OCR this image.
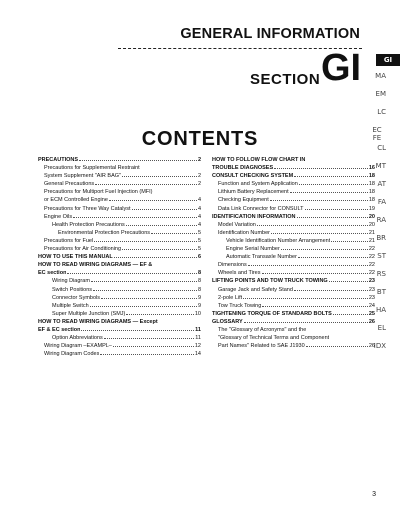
GENERAL INFORMATION
SECTION GI	GI
MA
EM
LC
EC FE
CL
MT
AT
FA
RA
BR
ST
RS
BT
HA
EL
IDX
CONTENTS
PRECAUTIONS	2
Precautions for Supplemental Restraint
System Supplement "AIR BAG"	2
General Precautions	2
Precautions for Multiport Fuel Injection (MFI)
or ECM Controlled Engine	4
Precautions for Three Way Catalyst	4
Engine Oils	4
Health Protection Precautions	4
Environmental Protection Precautions	5
Precautions for Fuel	5
Precautions for Air Conditioning	5
HOW TO USE THIS MANUAL	6
HOW TO READ WIRING DIAGRAMS — EF &
EC section	8
Wiring Diagram	8
Switch Positions	8
Connector Symbols	9
Multiple Switch	9
Super Multiple Junction (SMJ)	10
HOW TO READ WIRING DIAGRAMS — Except
EF & EC section	11
Option Abbreviations	11
Wiring Diagram –EXAMPL–	12
Wiring Diagram Codes	14
HOW TO FOLLOW FLOW CHART IN
TROUBLE DIAGNOSES	16
CONSULT CHECKING SYSTEM	18
Function and System Application	18
Lithium Battery Replacement	18
Checking Equipment	18
Data Link Connector for CONSULT	19
IDENTIFICATION INFORMATION	20
Model Variation	20
Identification Number	21
Vehicle Identification Number Arrangement	21
Engine Serial Number	22
Automatic Transaxle Number	22
Dimensions	22
Wheels and Tires	22
LIFTING POINTS AND TOW TRUCK TOWING	23
Garage Jack and Safety Stand	23
2-pole Lift	23
Tow Truck Towing	24
TIGHTENING TORQUE OF STANDARD BOLTS	25
GLOSSARY	26
The "Glossary of Acronyms" and the
"Glossary of Technical Terms and Component
Part Names" Related to SAE J1930	26
3
